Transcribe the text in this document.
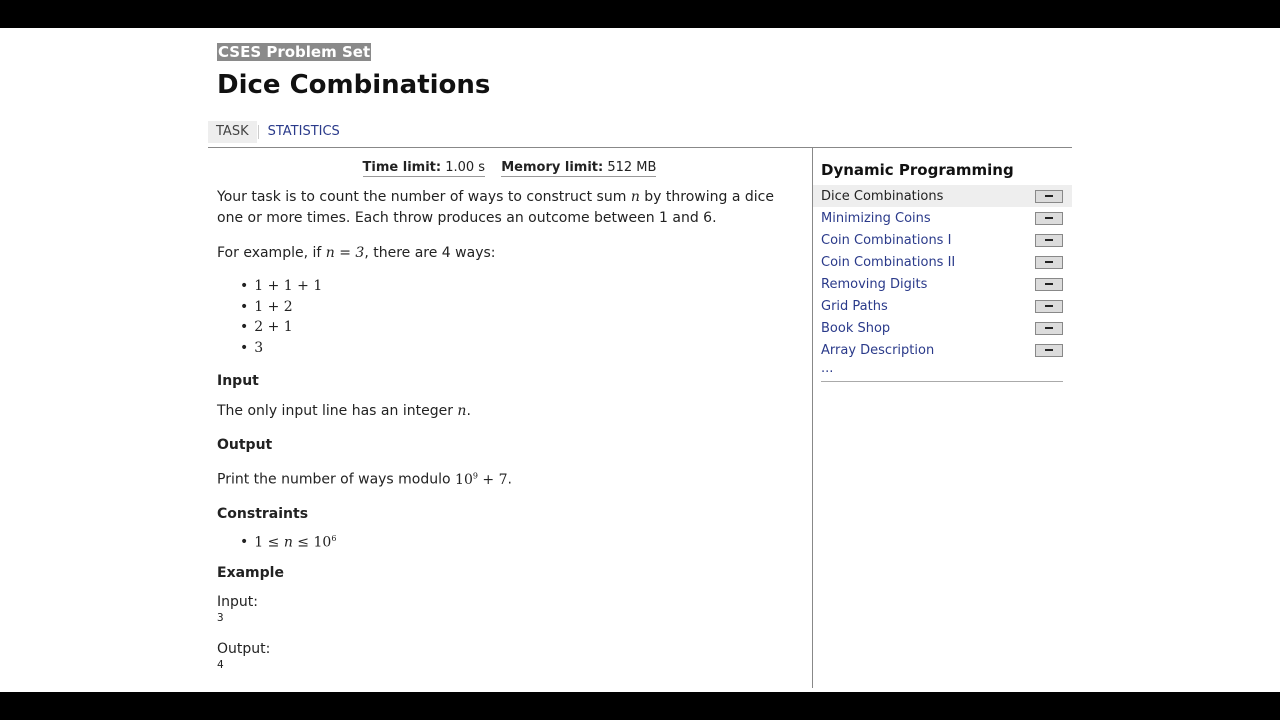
CSES Problem Set
Dice Combinations
TASK	STATISTICS
Time limit: 1.00 s Memory limit: 512 MB

Your task is to count the number of ways to construct sum n by throwing a dice one or more times. Each throw produces an outcome between 1 and 6.

For example, if n = 3, there are 4 ways:

• 1 + 1 + 1
• 1 + 2
• 2 + 1
• 3
Input

The only input line has an integer n.

Output

Print the number of ways modulo $10^9 + 7$.

Constraints
• $1 \le n \le 10^6$
Example
Input:
3
Output:
4
Dynamic Programming
Dice Combinations
Minimizing Coins
Coin Combinations I
Coin Combinations II
Removing Digits
Grid Paths
Book Shop
Array Description
...
